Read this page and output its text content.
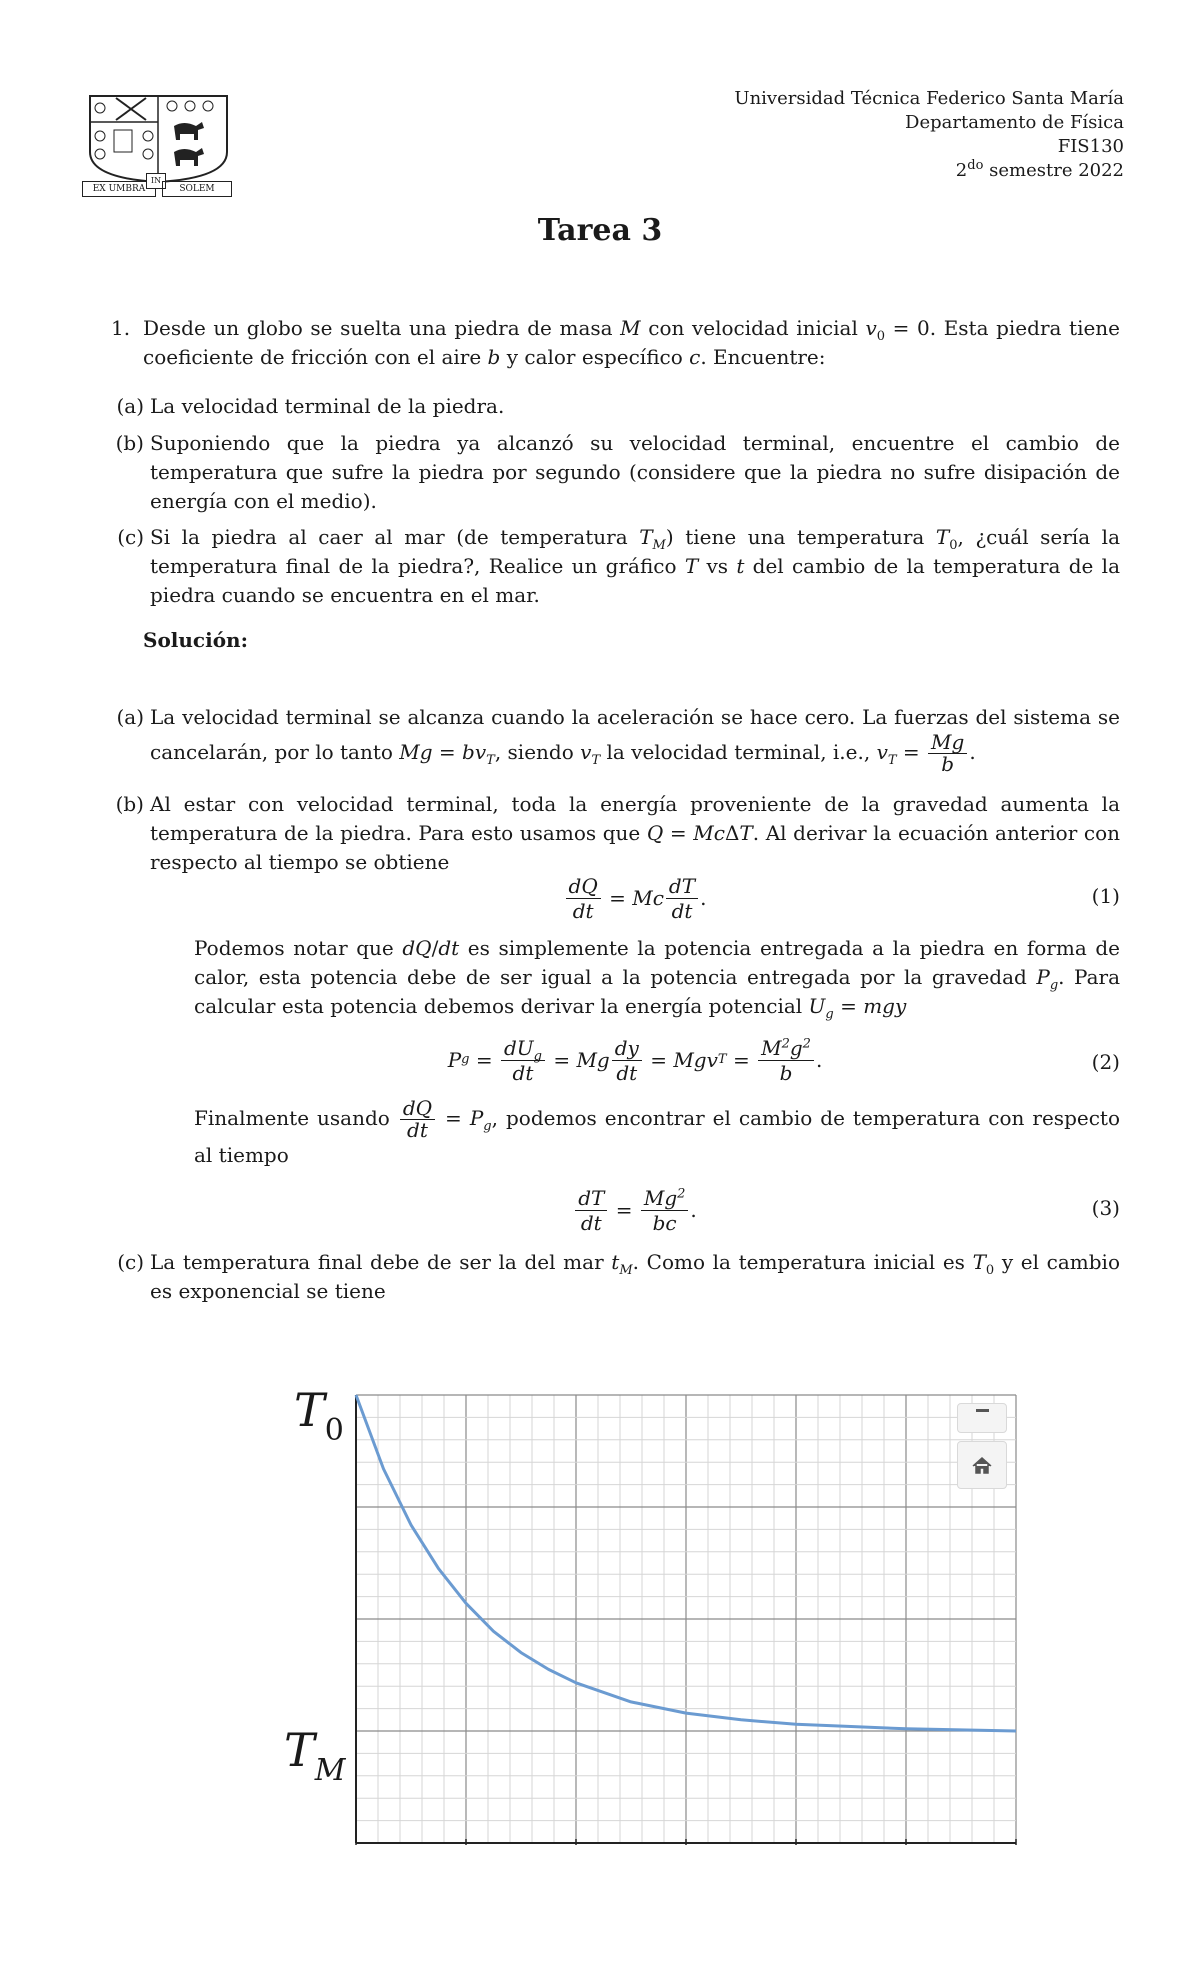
EX UMBRA
IN
SOLEM
Universidad Técnica Federico Santa María
Departamento de Física
FIS130
$2^{do}$ semestre 2022
Tarea 3
1. Desde un globo se suelta una piedra de masa M con velocidad inicial $v_0 = 0$. Esta piedra tiene coeficiente de fricción con el aire b y calor específico c. Encuentre:
(a) La velocidad terminal de la piedra.
(b) Suponiendo que la piedra ya alcanzó su velocidad terminal, encuentre el cambio de temperatura que sufre la piedra por segundo (considere que la piedra no sufre disipación de energía con el medio).
(c) Si la piedra al caer al mar (de temperatura $T_M$) tiene una temperatura $T_0$, ¿cuál sería la temperatura final de la piedra?, Realice un gráfico T vs t del cambio de la temperatura de la piedra cuando se encuentra en el mar.
Solución:
(a) La velocidad terminal se alcanza cuando la aceleración se hace cero. La fuerzas del sistema se cancelarán, por lo tanto $Mg = bv_T$, siendo $v_T$ la velocidad terminal, i.e., $v_T = \frac{Mg}{b}$ .
(b) Al estar con velocidad terminal, toda la energía proveniente de la gravedad aumenta la temperatura de la piedra. Para esto usamos que Q = McΔT. Al derivar la ecuación anterior con respecto al tiempo se obtiene
$\frac{dQ}{dt} = Mc \frac{dT}{dt}$ .	(1)
Podemos notar que dQ/dt es simplemente la potencia entregada a la piedra en forma de calor, esta potencia debe de ser igual a la potencia entregada por la gravedad $P_g$. Para calcular esta potencia debemos derivar la energía potencial $U_g$ = mgy
P $g = \frac{dU_g}{dt} = Mg \frac{dy}{dt}$ = Mgv $T = \frac{M^2g^2}{b}$ .	(2)
Finalmente usando $\frac{dQ}{dt} = P_g$, podemos encontrar el cambio de temperatura con respecto al tiempo
$\frac{dT}{dt} = \frac{Mg^2}{bc}$ .	(3)
(c) La temperatura final debe de ser la del mar $t_M$. Como la temperatura inicial es $T_0$ y el cambio es exponencial se tiene
$T_0$
$T_M$
